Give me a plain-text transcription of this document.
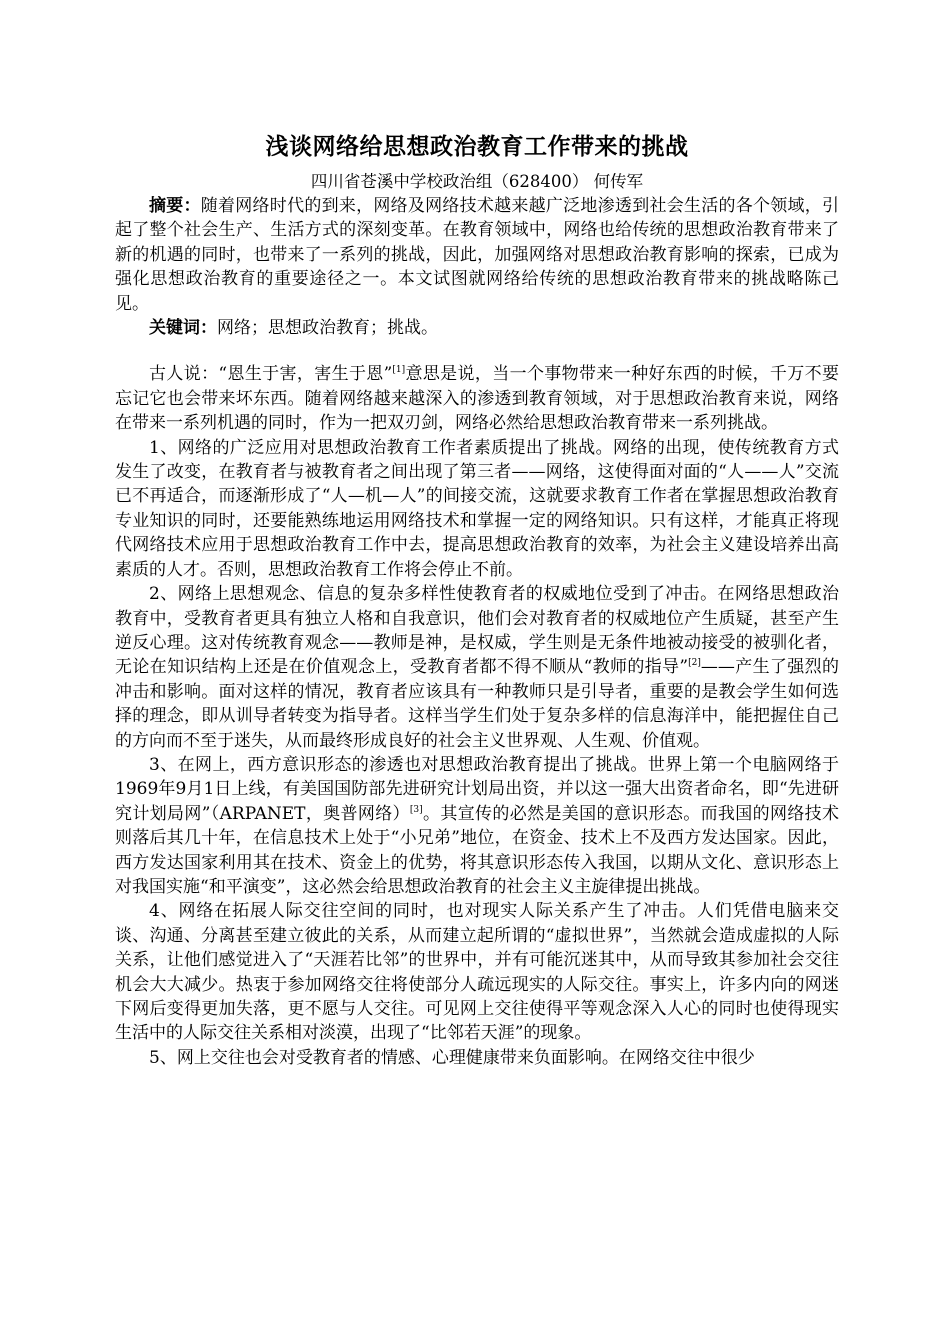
浅谈网络给思想政治教育工作带来的挑战
四川省苍溪中学校政治组（628400） 何传军

摘要：随着网络时代的到来，网络及网络技术越来越广泛地渗透到社会生活的各个领域，引起了整个社会生产、生活方式的深刻变革。在教育领域中，网络也给传统的思想政治教育带来了新的机遇的同时，也带来了一系列的挑战，因此，加强网络对思想政治教育影响的探索，已成为强化思想政治教育的重要途径之一。本文试图就网络给传统的思想政治教育带来的挑战略陈己见。

关键词：网络；思想政治教育；挑战。

古人说：“恩生于害，害生于恩”[1]意思是说，当一个事物带来一种好东西的时候，千万不要忘记它也会带来坏东西。随着网络越来越深入的渗透到教育领域，对于思想政治教育来说，网络在带来一系列机遇的同时，作为一把双刃剑，网络必然给思想政治教育带来一系列挑战。

1、网络的广泛应用对思想政治教育工作者素质提出了挑战。网络的出现，使传统教育方式发生了改变，在教育者与被教育者之间出现了第三者——网络，这使得面对面的“人——人”交流已不再适合，而逐渐形成了“人—机—人”的间接交流，这就要求教育工作者在掌握思想政治教育专业知识的同时，还要能熟练地运用网络技术和掌握一定的网络知识。只有这样，才能真正将现代网络技术应用于思想政治教育工作中去，提高思想政治教育的效率，为社会主义建设培养出高素质的人才。否则，思想政治教育工作将会停止不前。

2、网络上思想观念、信息的复杂多样性使教育者的权威地位受到了冲击。在网络思想政治教育中，受教育者更具有独立人格和自我意识，他们会对教育者的权威地位产生质疑，甚至产生逆反心理。这对传统教育观念——教师是神，是权威，学生则是无条件地被动接受的被驯化者，无论在知识结构上还是在价值观念上，受教育者都不得不顺从“教师的指导”[2]——产生了强烈的冲击和影响。面对这样的情况，教育者应该具有一种教师只是引导者，重要的是教会学生如何选择的理念，即从训导者转变为指导者。这样当学生们处于复杂多样的信息海洋中，能把握住自己的方向而不至于迷失，从而最终形成良好的社会主义世界观、人生观、价值观。

3、在网上，西方意识形态的渗透也对思想政治教育提出了挑战。世界上第一个电脑网络于1969年9月1日上线，有美国国防部先进研究计划局出资，并以这一强大出资者命名，即“先进研究计划局网”（ARPANET，奥普网络）[3]。其宣传的必然是美国的意识形态。而我国的网络技术则落后其几十年，在信息技术上处于“小兄弟”地位，在资金、技术上不及西方发达国家。因此，西方发达国家利用其在技术、资金上的优势，将其意识形态传入我国，以期从文化、意识形态上对我国实施“和平演变”，这必然会给思想政治教育的社会主义主旋律提出挑战。

4、网络在拓展人际交往空间的同时，也对现实人际关系产生了冲击。人们凭借电脑来交谈、沟通、分离甚至建立彼此的关系，从而建立起所谓的“虚拟世界”，当然就会造成虚拟的人际关系，让他们感觉进入了“天涯若比邻”的世界中，并有可能沉迷其中，从而导致其参加社会交往机会大大减少。热衷于参加网络交往将使部分人疏远现实的人际交往。事实上，许多内向的网迷下网后变得更加失落，更不愿与人交往。可见网上交往使得平等观念深入人心的同时也使得现实生活中的人际交往关系相对淡漠，出现了“比邻若天涯”的现象。

5、网上交往也会对受教育者的情感、心理健康带来负面影响。在网络交往中很少
